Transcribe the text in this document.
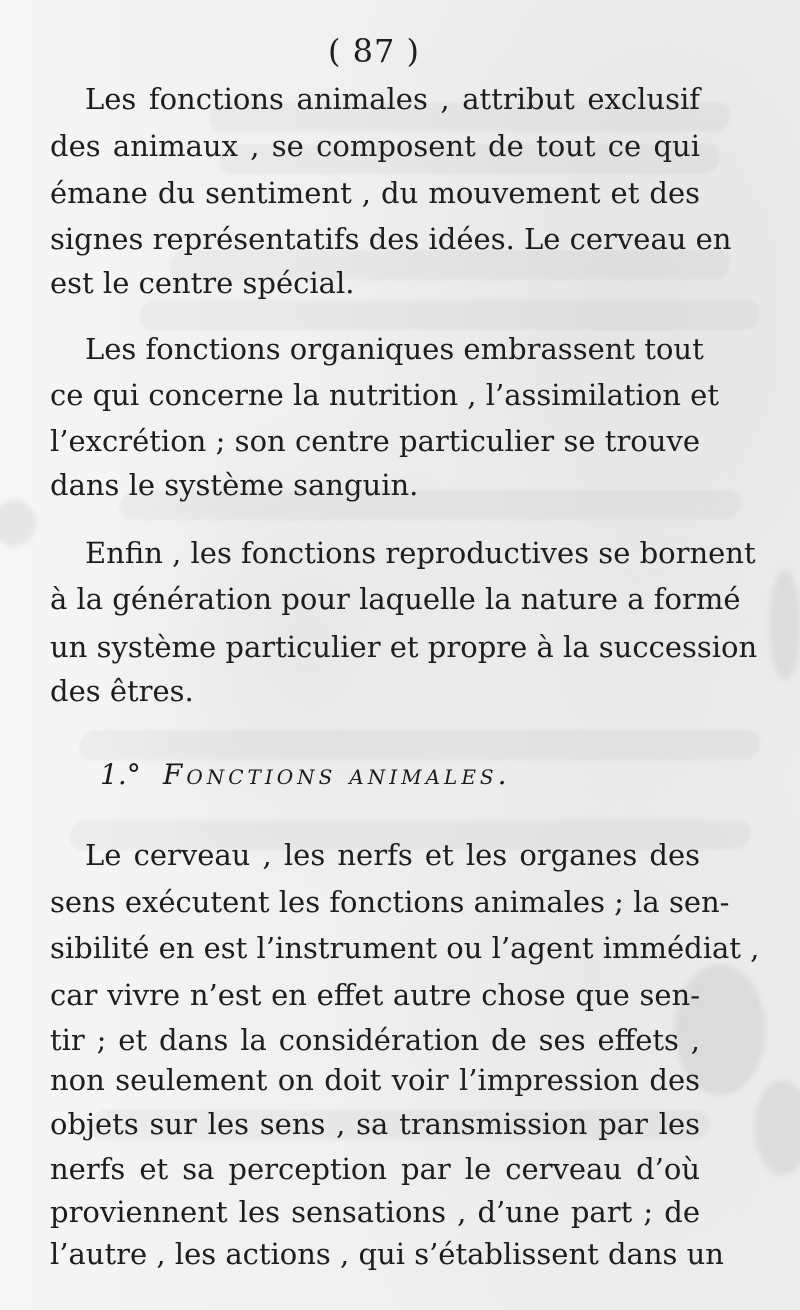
( 87 )
Les fonctions animales , attribut exclusif
des animaux , se composent de tout ce qui
émane du sentiment , du mouvement et des
signes représentatifs des idées. Le cerveau en
est le centre spécial.
Les fonctions organiques embrassent tout
ce qui concerne la nutrition , l’assimilation et
l’excrétion ; son centre particulier se trouve
dans le système sanguin.
Enfin , les fonctions reproductives se bornent
à la génération pour laquelle la nature a formé
un système particulier et propre à la succession
des êtres.
1.° Fonctions animales.
Le cerveau , les nerfs et les organes des
sens exécutent les fonctions animales ; la sen-
sibilité en est l’instrument ou l’agent immédiat ,
car vivre n’est en effet autre chose que sen-
tir ; et dans la considération de ses effets ,
non seulement on doit voir l’impression des
objets sur les sens , sa transmission par les
nerfs et sa perception par le cerveau d’où
proviennent les sensations , d’une part ; de
l’autre , les actions , qui s’établissent dans un
